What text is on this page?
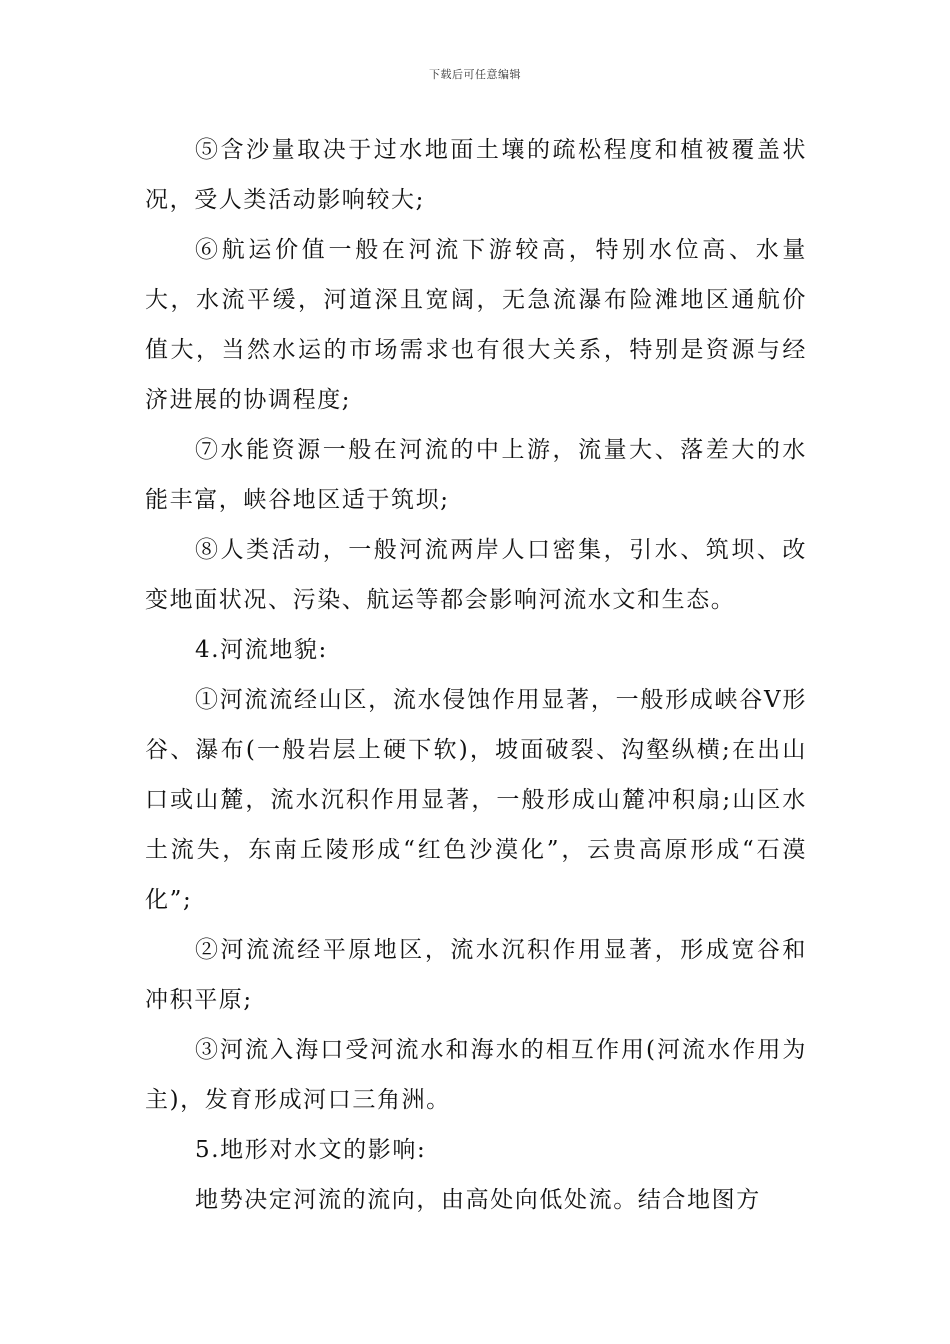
下载后可任意编辑

⑤含沙量取决于过水地面土壤的疏松程度和植被覆盖状况，受人类活动影响较大;

⑥航运价值一般在河流下游较高，特别水位高、水量大，水流平缓，河道深且宽阔，无急流瀑布险滩地区通航价值大，当然水运的市场需求也有很大关系，特别是资源与经济进展的协调程度;

⑦水能资源一般在河流的中上游，流量大、落差大的水能丰富，峡谷地区适于筑坝;

⑧人类活动，一般河流两岸人口密集，引水、筑坝、改变地面状况、污染、航运等都会影响河流水文和生态。

4.河流地貌:

①河流流经山区，流水侵蚀作用显著，一般形成峡谷V形谷、瀑布(一般岩层上硬下软)，坡面破裂、沟壑纵横;在出山口或山麓，流水沉积作用显著，一般形成山麓冲积扇;山区水土流失，东南丘陵形成“红色沙漠化”，云贵高原形成“石漠化”;

②河流流经平原地区，流水沉积作用显著，形成宽谷和冲积平原;

③河流入海口受河流水和海水的相互作用(河流水作用为主)，发育形成河口三角洲。

5.地形对水文的影响:

地势决定河流的流向，由高处向低处流。结合地图方
